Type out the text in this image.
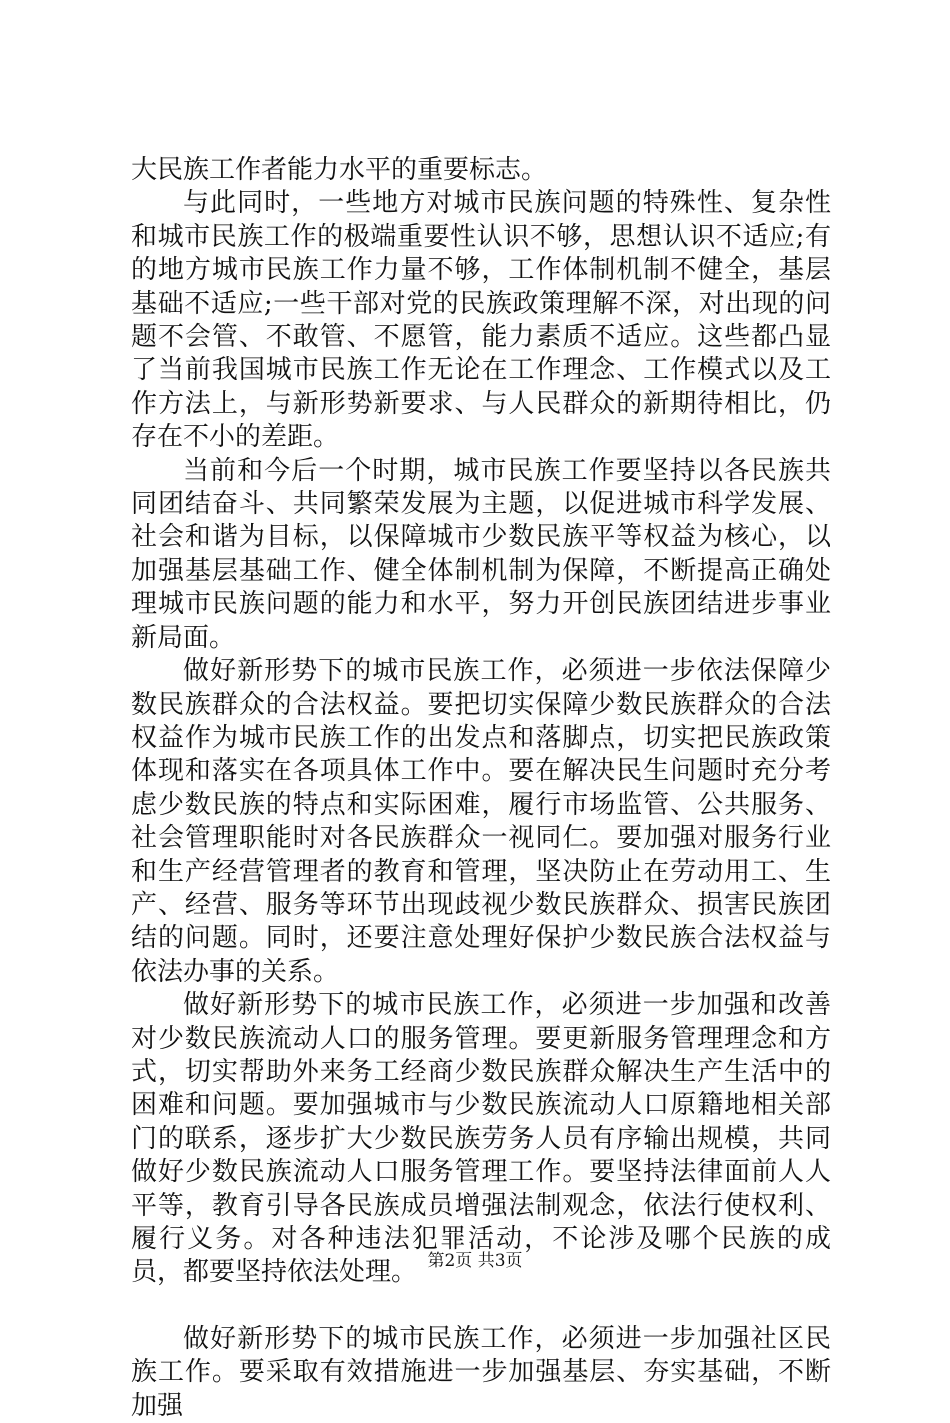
大民族工作者能力水平的重要标志。

与此同时，一些地方对城市民族问题的特殊性、复杂性和城市民族工作的极端重要性认识不够，思想认识不适应;有的地方城市民族工作力量不够，工作体制机制不健全，基层基础不适应;一些干部对党的民族政策理解不深，对出现的问题不会管、不敢管、不愿管，能力素质不适应。这些都凸显了当前我国城市民族工作无论在工作理念、工作模式以及工作方法上，与新形势新要求、与人民群众的新期待相比，仍存在不小的差距。

当前和今后一个时期，城市民族工作要坚持以各民族共同团结奋斗、共同繁荣发展为主题，以促进城市科学发展、社会和谐为目标，以保障城市少数民族平等权益为核心，以加强基层基础工作、健全体制机制为保障，不断提高正确处理城市民族问题的能力和水平，努力开创民族团结进步事业新局面。

做好新形势下的城市民族工作，必须进一步依法保障少数民族群众的合法权益。要把切实保障少数民族群众的合法权益作为城市民族工作的出发点和落脚点，切实把民族政策体现和落实在各项具体工作中。要在解决民生问题时充分考虑少数民族的特点和实际困难，履行市场监管、公共服务、社会管理职能时对各民族群众一视同仁。要加强对服务行业和生产经营管理者的教育和管理，坚决防止在劳动用工、生产、经营、服务等环节出现歧视少数民族群众、损害民族团结的问题。同时，还要注意处理好保护少数民族合法权益与依法办事的关系。

做好新形势下的城市民族工作，必须进一步加强和改善对少数民族流动人口的服务管理。要更新服务管理理念和方式，切实帮助外来务工经商少数民族群众解决生产生活中的困难和问题。要加强城市与少数民族流动人口原籍地相关部门的联系，逐步扩大少数民族劳务人员有序输出规模，共同做好少数民族流动人口服务管理工作。要坚持法律面前人人平等，教育引导各民族成员增强法制观念，依法行使权利、履行义务。对各种违法犯罪活动，不论涉及哪个民族的成员，都要坚持依法处理。

做好新形势下的城市民族工作，必须进一步加强社区民族工作。要采取有效措施进一步加强基层、夯实基础，不断加强

第2页 共3页
